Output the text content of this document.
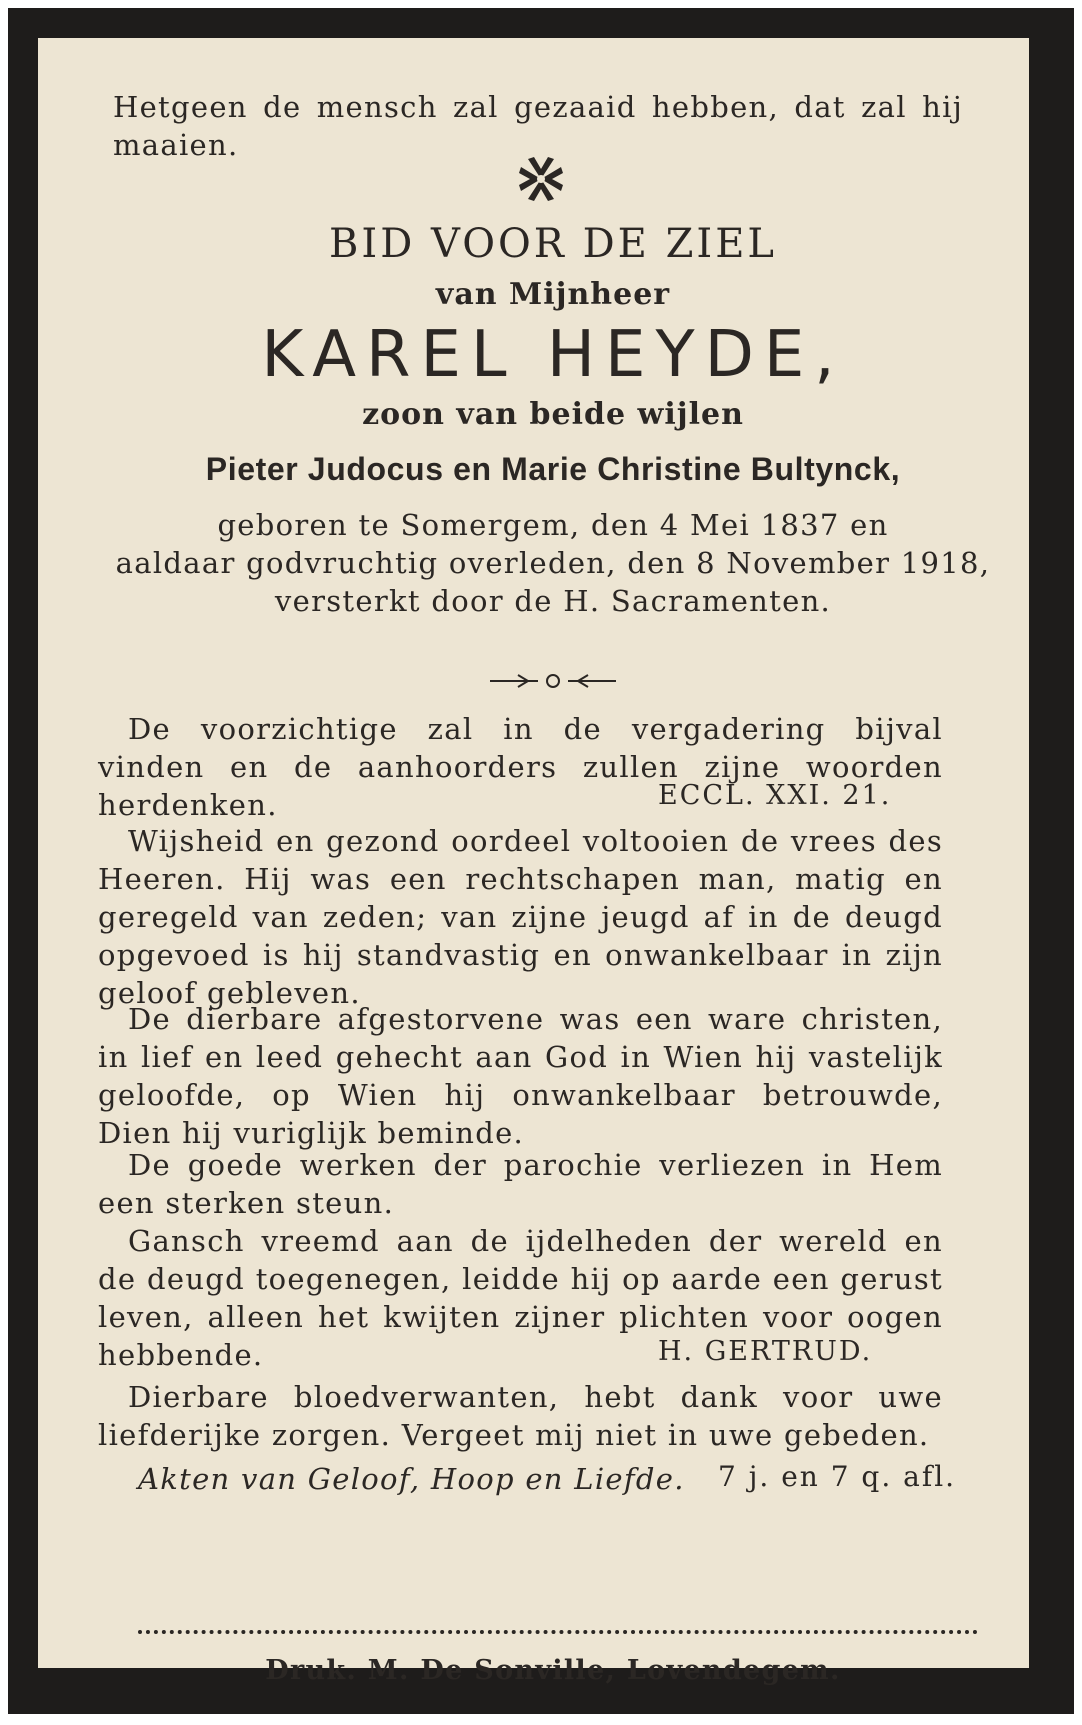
Hetgeen de mensch zal gezaaid hebben, dat zal hij maaien.

BID VOOR DE ZIEL
van Mijnheer
KAREL HEYDE,
zoon van beide wijlen
Pieter Judocus en Marie Christine Bultynck,
geboren te Somergem, den 4 Mei 1837 en
aaldaar godvruchtig overleden, den 8 November 1918,
versterkt door de H. Sacramenten.

De voorzichtige zal in de vergadering bijval vinden en de aanhoorders zullen zijne woorden herdenken.	ECCL. XXI. 21.

Wijsheid en gezond oordeel voltooien de vrees des Heeren. Hij was een rechtschapen man, matig en geregeld van zeden; van zijne jeugd af in de deugd opgevoed is hij standvastig en onwankelbaar in zijn geloof gebleven.

De dierbare afgestorvene was een ware christen, in lief en leed gehecht aan God in Wien hij vastelijk geloofde, op Wien hij onwankelbaar betrouwde, Dien hij vuriglijk beminde.

De goede werken der parochie verliezen in Hem een sterken steun.

Gansch vreemd aan de ijdelheden der wereld en de deugd toegenegen, leidde hij op aarde een gerust leven, alleen het kwijten zijner plichten voor oogen hebbende.	H. GERTRUD.

Dierbare bloedverwanten, hebt dank voor uwe liefderijke zorgen. Vergeet mij niet in uwe gebeden.

Akten van Geloof, Hoop en Liefde.	7 j. en 7 q. afl.
Druk. M. De Sonville, Lovendegem.
